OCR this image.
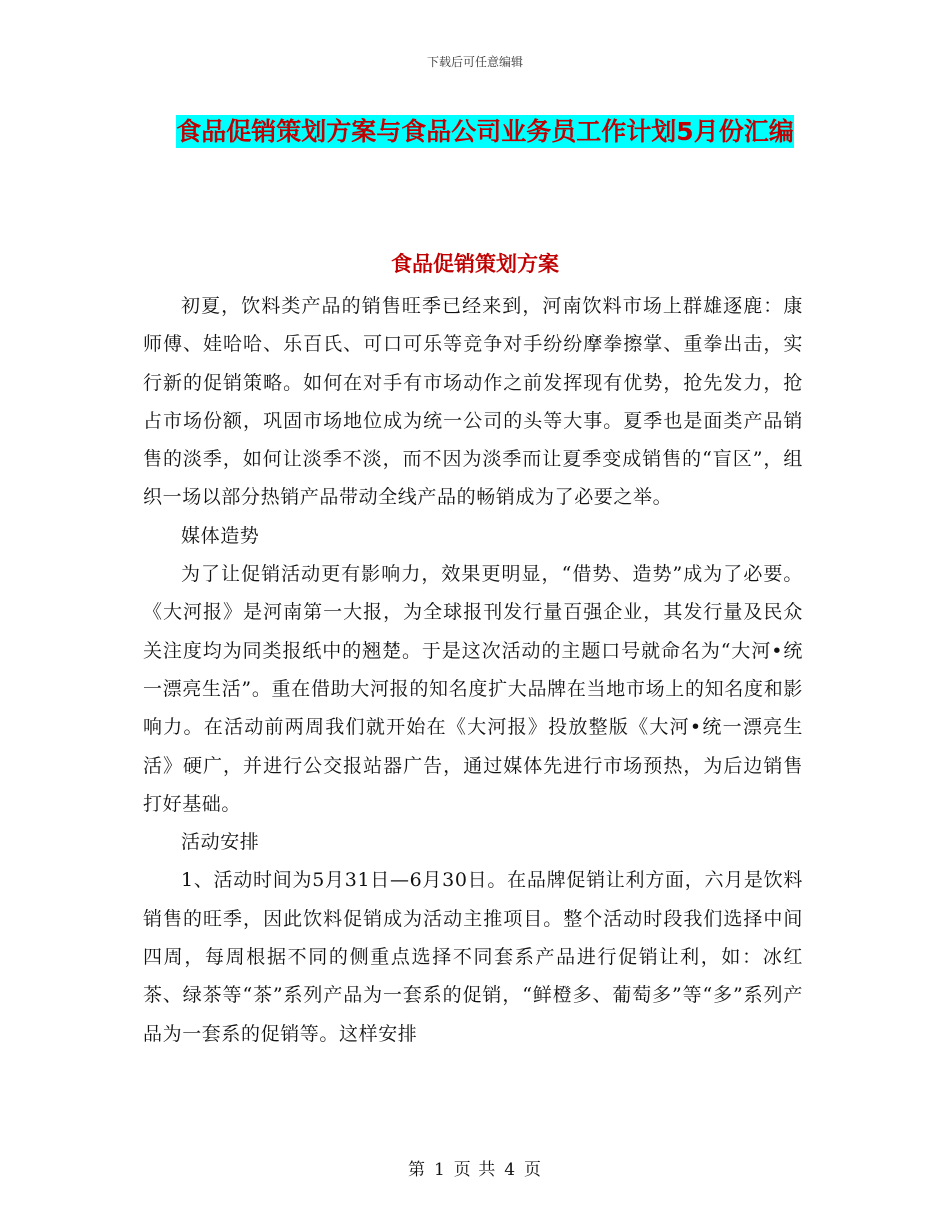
下载后可任意编辑
食品促销策划方案与食品公司业务员工作计划5月份汇编
食品促销策划方案

初夏，饮料类产品的销售旺季已经来到，河南饮料市场上群雄逐鹿：康师傅、娃哈哈、乐百氏、可口可乐等竞争对手纷纷摩拳擦掌、重拳出击，实行新的促销策略。如何在对手有市场动作之前发挥现有优势，抢先发力，抢占市场份额，巩固市场地位成为统一公司的头等大事。夏季也是面类产品销售的淡季，如何让淡季不淡，而不因为淡季而让夏季变成销售的“盲区”，组织一场以部分热销产品带动全线产品的畅销成为了必要之举。

媒体造势

为了让促销活动更有影响力，效果更明显，“借势、造势”成为了必要。《大河报》是河南第一大报，为全球报刊发行量百强企业，其发行量及民众关注度均为同类报纸中的翘楚。于是这次活动的主题口号就命名为“大河•统一漂亮生活”。重在借助大河报的知名度扩大品牌在当地市场上的知名度和影响力。在活动前两周我们就开始在《大河报》投放整版《大河•统一漂亮生活》硬广，并进行公交报站器广告，通过媒体先进行市场预热，为后边销售打好基础。

活动安排

1、活动时间为5月31日—6月30日。在品牌促销让利方面，六月是饮料销售的旺季，因此饮料促销成为活动主推项目。整个活动时段我们选择中间四周，每周根据不同的侧重点选择不同套系产品进行促销让利，如：冰红茶、绿茶等“茶”系列产品为一套系的促销，“鲜橙多、葡萄多”等“多”系列产品为一套系的促销等。这样安排

第 1 页 共 4 页
